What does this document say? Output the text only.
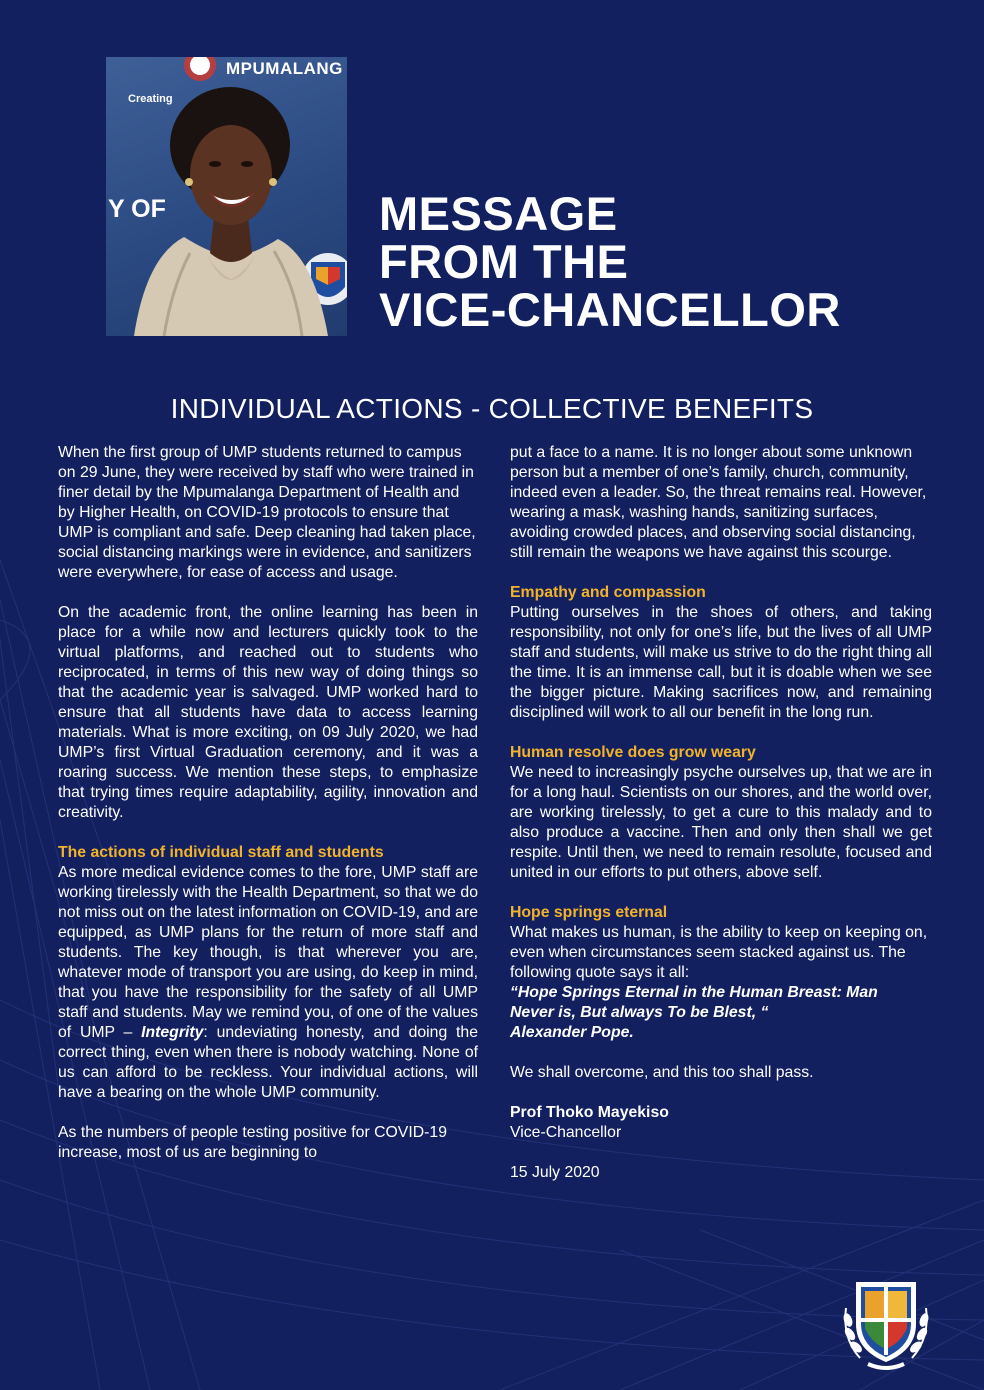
MPUMALANG
Creating
Y OF	MESSAGE
FROM THE
VICE-CHANCELLOR
INDIVIDUAL ACTIONS - COLLECTIVE BENEFITS

When the first group of UMP students returned to campus on 29 June, they were received by staff who were trained in finer detail by the Mpumalanga Department of Health and by Higher Health, on COVID-19 protocols to ensure that UMP is compliant and safe. Deep cleaning had taken place, social distancing markings were in evidence, and sanitizers were everywhere, for ease of access and usage.

On the academic front, the online learning has been in place for a while now and lecturers quickly took to the virtual platforms, and reached out to students who reciprocated, in terms of this new way of doing things so that the academic year is salvaged. UMP worked hard to ensure that all students have data to access learning materials. What is more exciting, on 09 July 2020, we had UMP’s first Virtual Graduation ceremony, and it was a roaring success. We mention these steps, to emphasize that trying times require adaptability, agility, innovation and creativity.

The actions of individual staff and students

As more medical evidence comes to the fore, UMP staff are working tirelessly with the Health Department, so that we do not miss out on the latest information on COVID-19, and are equipped, as UMP plans for the return of more staff and students. The key though, is that wherever you are, whatever mode of transport you are using, do keep in mind, that you have the responsibility for the safety of all UMP staff and students. May we remind you, of one of the values of UMP – Integrity: undeviating honesty, and doing the correct thing, even when there is nobody watching. None of us can afford to be reckless. Your individual actions, will have a bearing on the whole UMP community.

As the numbers of people testing positive for COVID-19 increase, most of us are beginning to

put a face to a name. It is no longer about some unknown person but a member of one’s family, church, community, indeed even a leader. So, the threat remains real. However, wearing a mask, washing hands, sanitizing surfaces, avoiding crowded places, and observing social distancing, still remain the weapons we have against this scourge.

Empathy and compassion

Putting ourselves in the shoes of others, and taking responsibility, not only for one’s life, but the lives of all UMP staff and students, will make us strive to do the right thing all the time. It is an immense call, but it is doable when we see the bigger picture. Making sacrifices now, and remaining disciplined will work to all our benefit in the long run.

Human resolve does grow weary

We need to increasingly psyche ourselves up, that we are in for a long haul. Scientists on our shores, and the world over, are working tirelessly, to get a cure to this malady and to also produce a vaccine. Then and only then shall we get respite. Until then, we need to remain resolute, focused and united in our efforts to put others, above self.

Hope springs eternal

What makes us human, is the ability to keep on keeping on, even when circumstances seem stacked against us. The following quote says it all:

“Hope Springs Eternal in the Human Breast: Man
Never is, But always To be Blest, “
Alexander Pope.

We shall overcome, and this too shall pass.

Prof Thoko Mayekiso
Vice-Chancellor

15 July 2020
